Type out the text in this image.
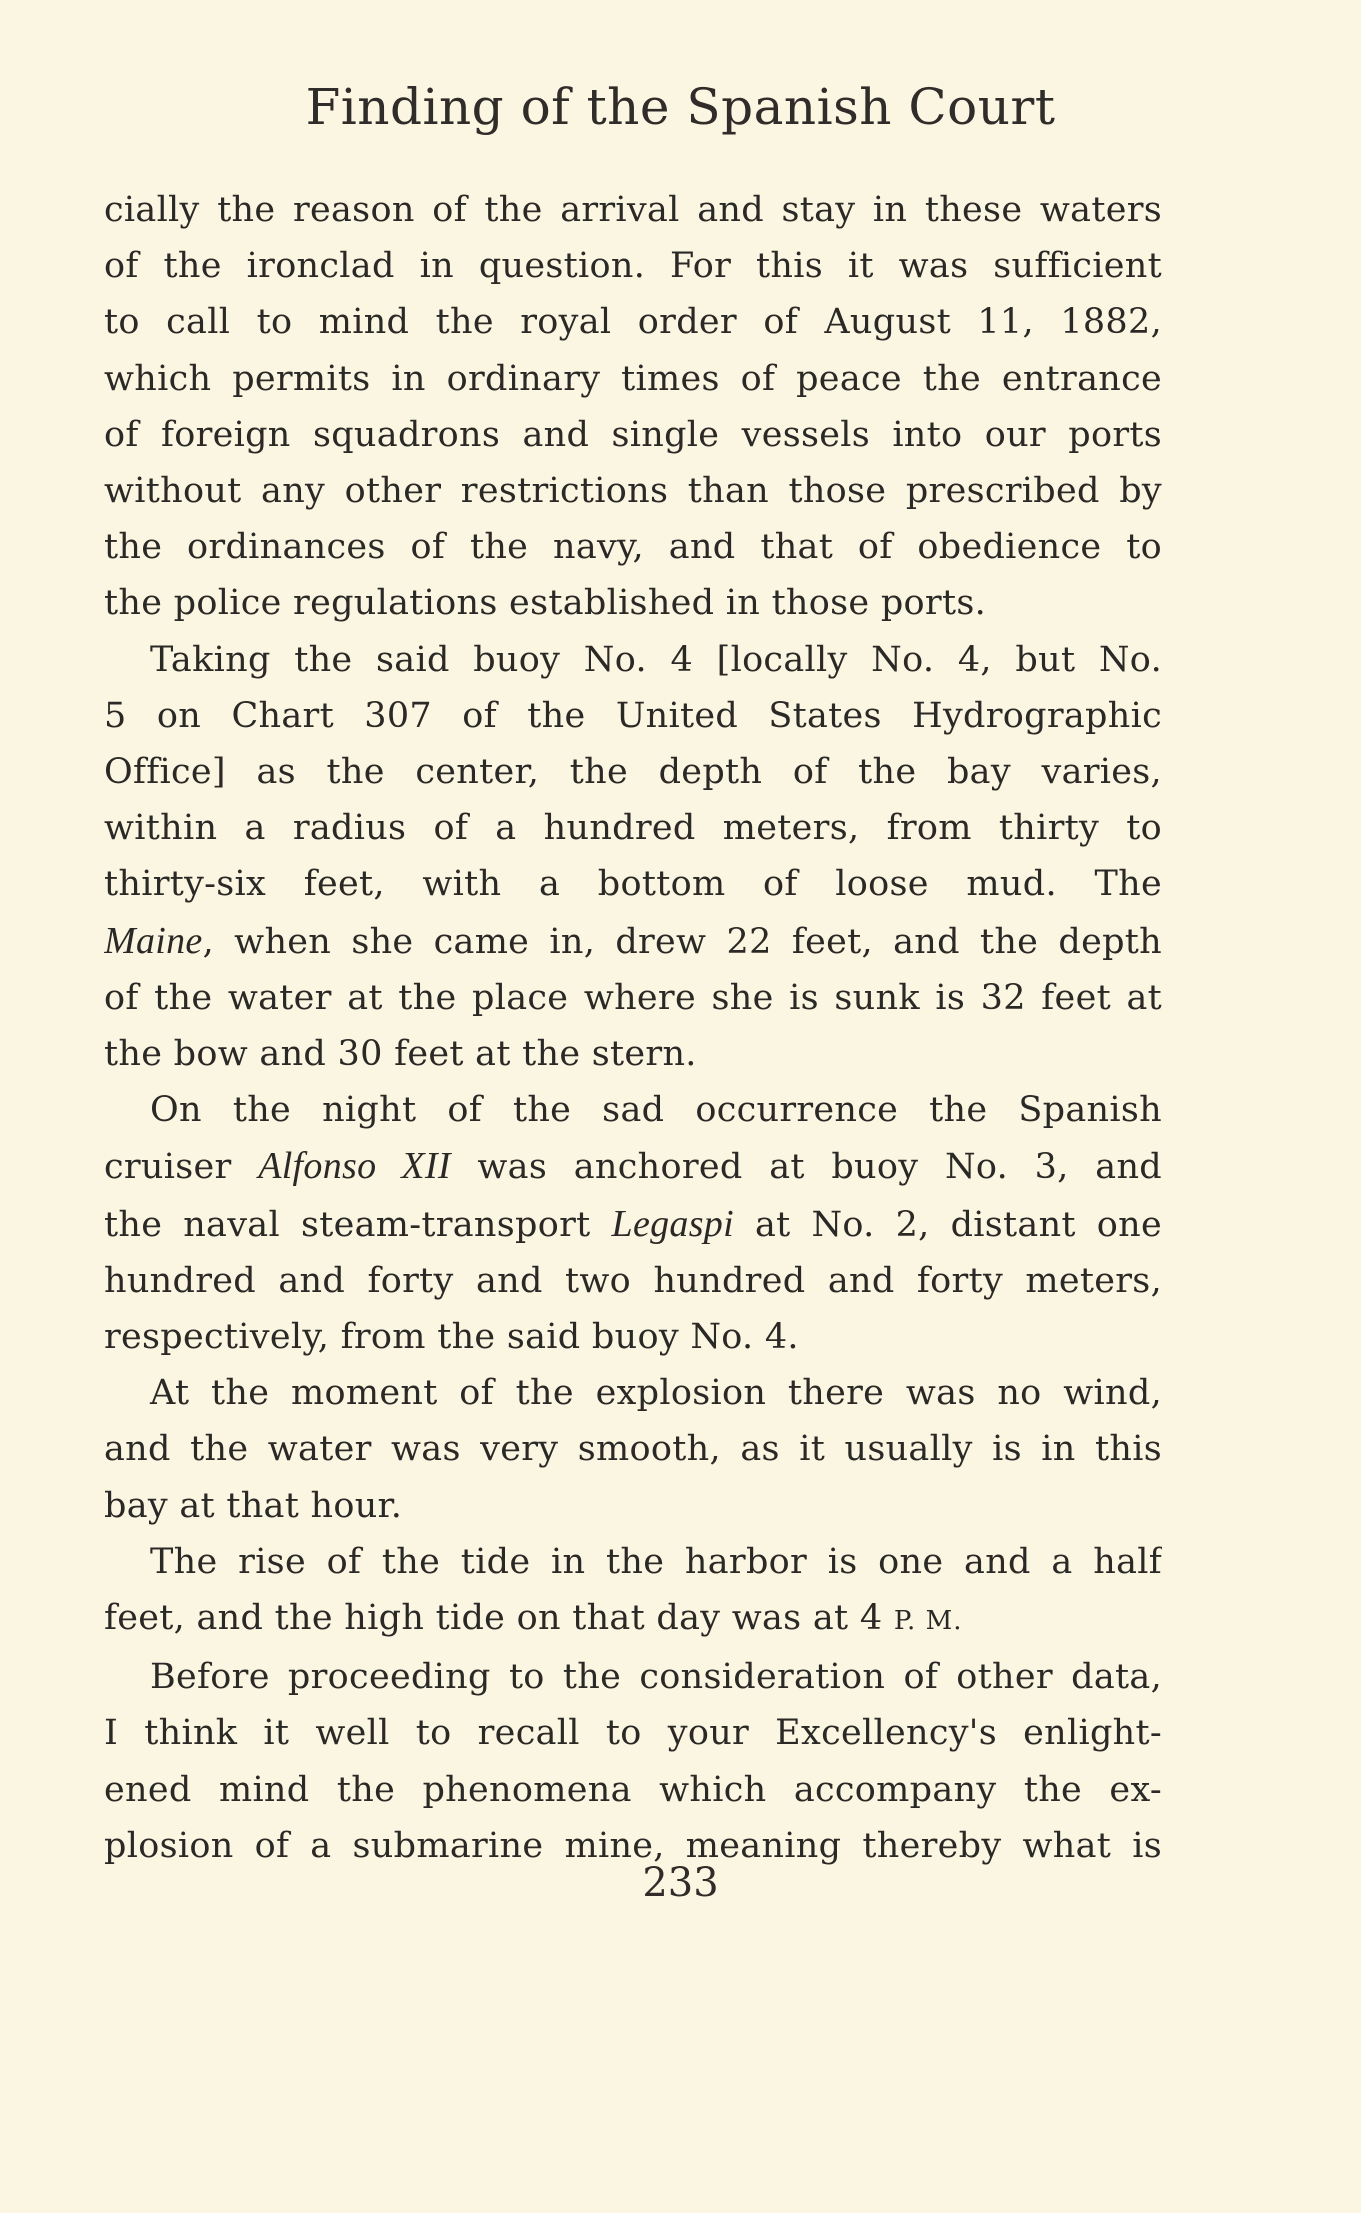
Finding of the Spanish Court
cially the reason of the arrival and stay in these waters
of the ironclad in question. For this it was sufficient
to call to mind the royal order of August 11, 1882,
which permits in ordinary times of peace the entrance
of foreign squadrons and single vessels into our ports
without any other restrictions than those prescribed by
the ordinances of the navy, and that of obedience to
the police regulations established in those ports.
Taking the said buoy No. 4 [locally No. 4, but No.
5 on Chart 307 of the United States Hydrographic
Office] as the center, the depth of the bay varies,
within a radius of a hundred meters, from thirty to
thirty-six feet, with a bottom of loose mud. The
Maine, when she came in, drew 22 feet, and the depth
of the water at the place where she is sunk is 32 feet at
the bow and 30 feet at the stern.
On the night of the sad occurrence the Spanish
cruiser Alfonso XII was anchored at buoy No. 3, and
the naval steam-transport Legaspi at No. 2, distant one
hundred and forty and two hundred and forty meters,
respectively, from the said buoy No. 4.
At the moment of the explosion there was no wind,
and the water was very smooth, as it usually is in this
bay at that hour.
The rise of the tide in the harbor is one and a half
feet, and the high tide on that day was at 4 P. M.
Before proceeding to the consideration of other data,
I think it well to recall to your Excellency's enlight-
ened mind the phenomena which accompany the ex-
plosion of a submarine mine, meaning thereby what is
233
